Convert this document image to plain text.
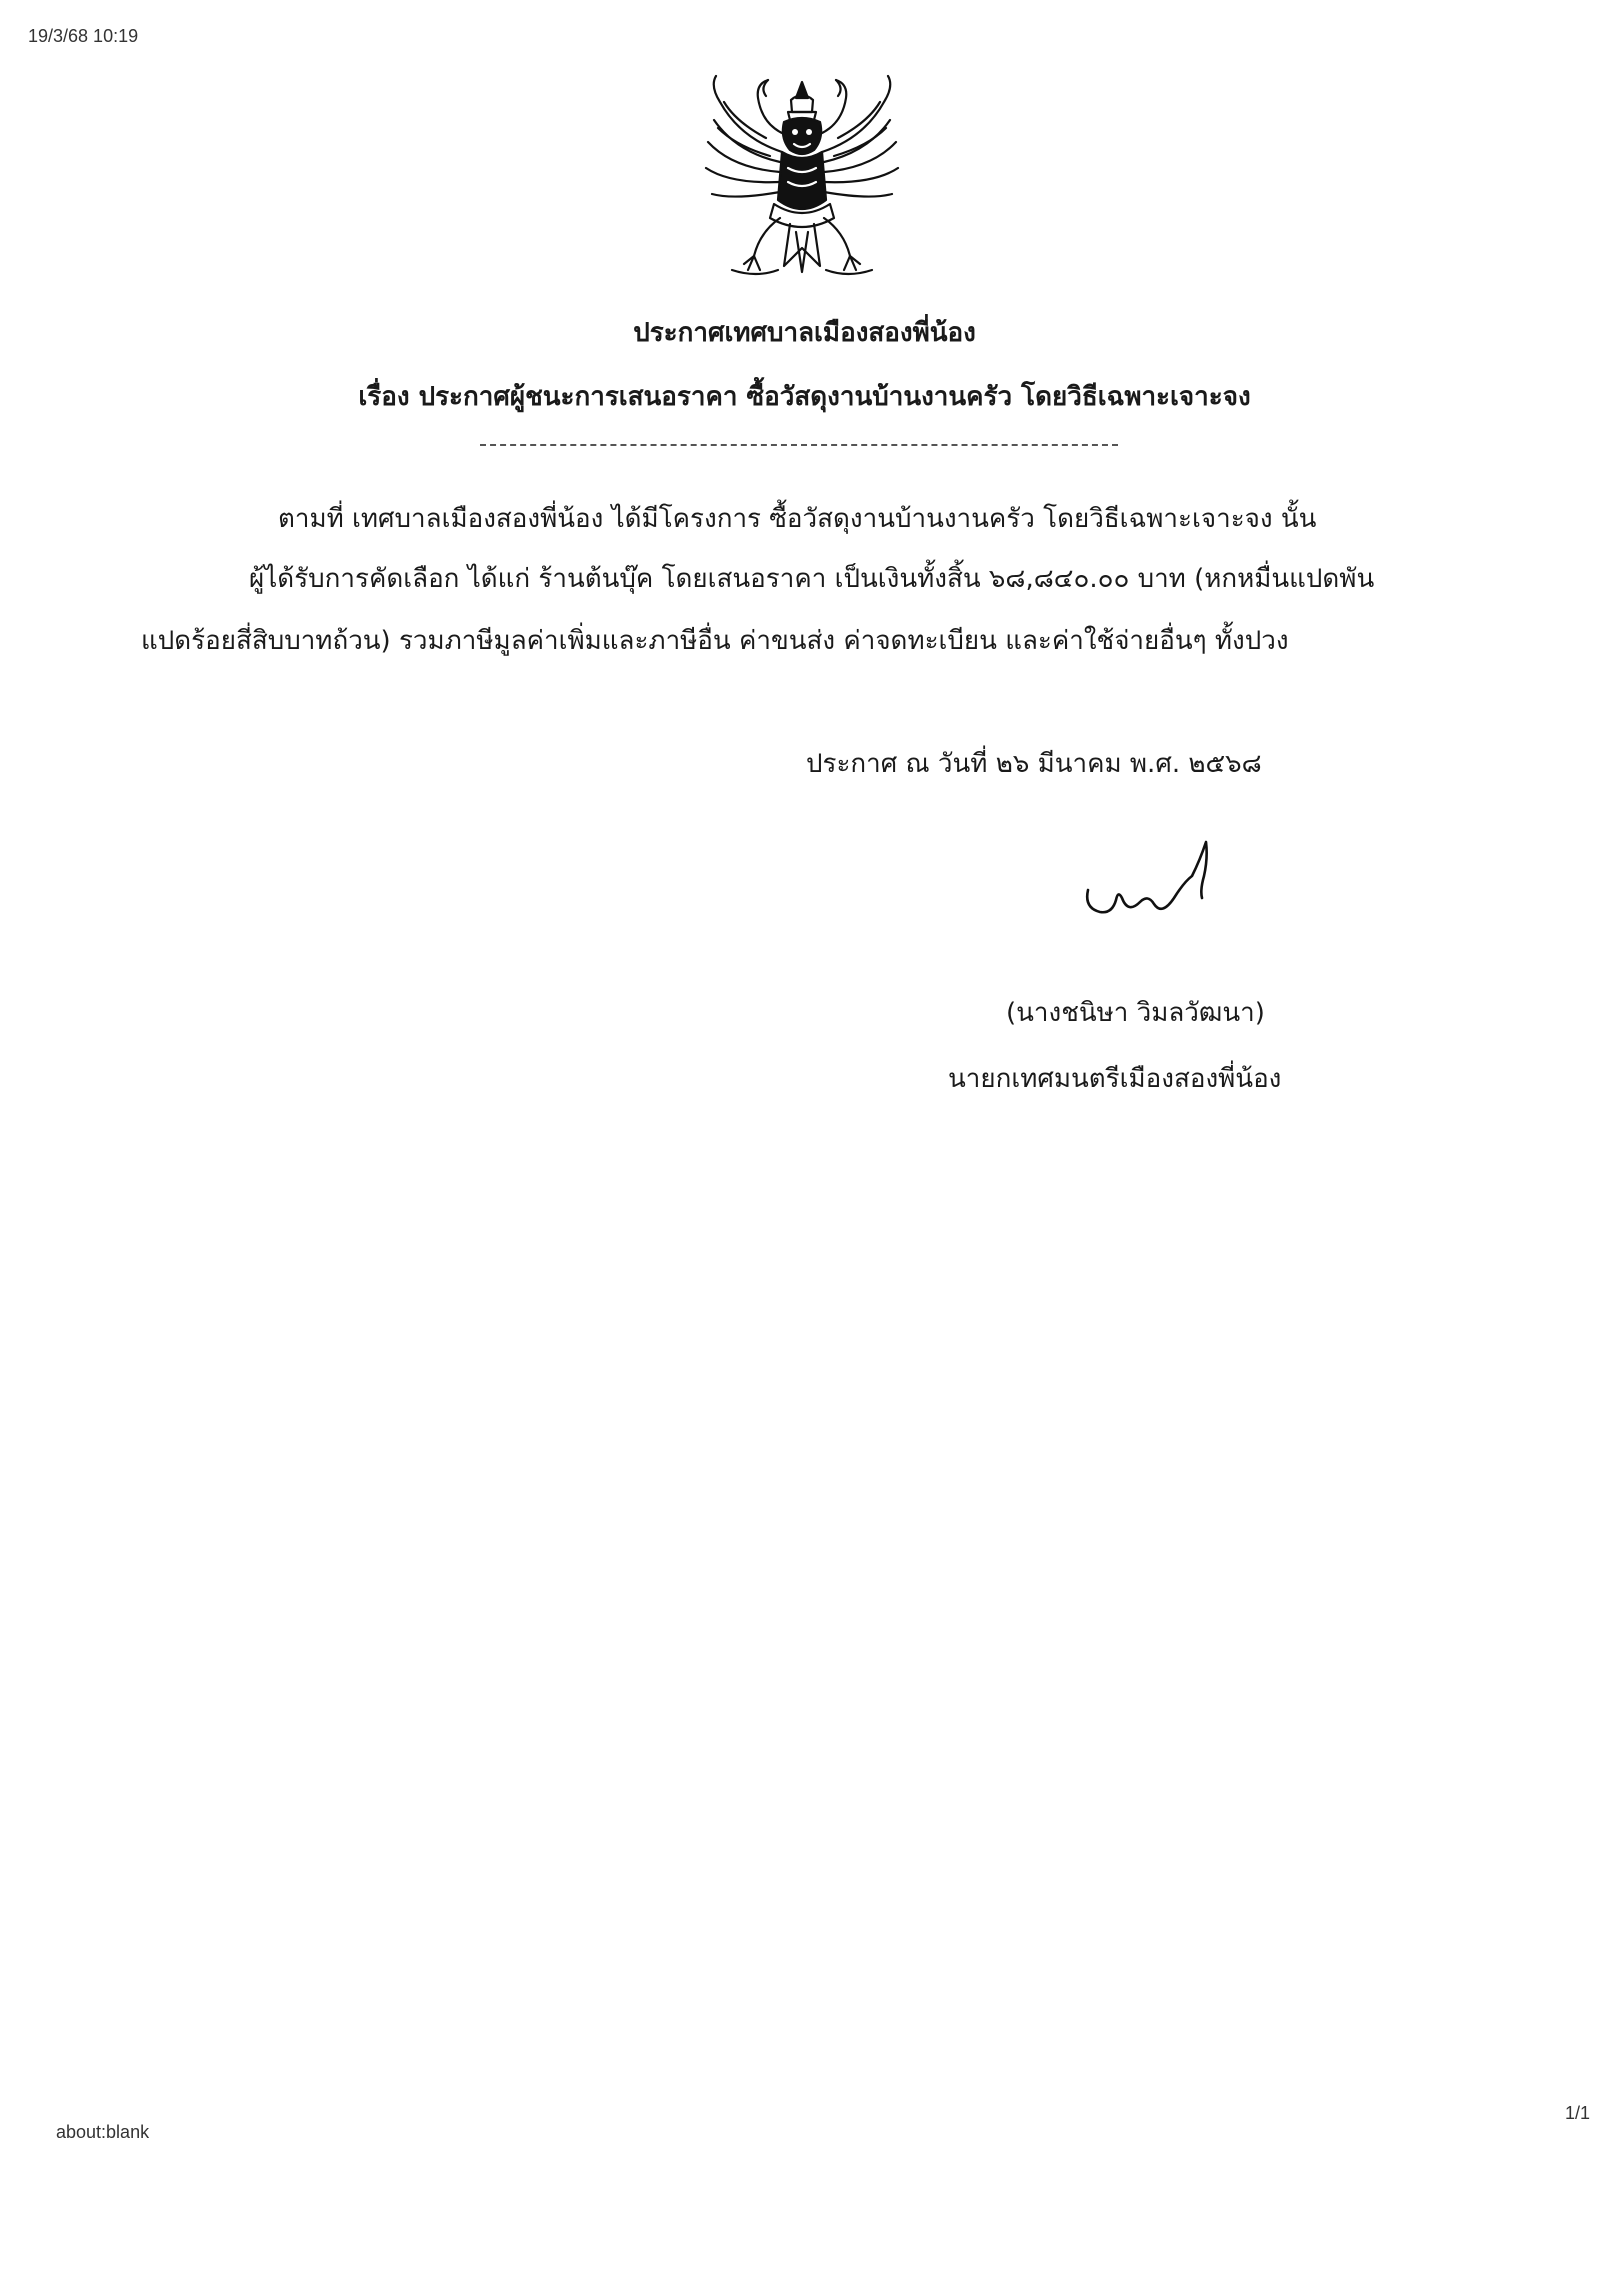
19/3/68 10:19
ประกาศเทศบาลเมืองสองพี่น้อง
เรื่อง ประกาศผู้ชนะการเสนอราคา ซื้อวัสดุงานบ้านงานครัว โดยวิธีเฉพาะเจาะจง
ตามที่ เทศบาลเมืองสองพี่น้อง ได้มีโครงการ ซื้อวัสดุงานบ้านงานครัว โดยวิธีเฉพาะเจาะจง นั้น
ผู้ได้รับการคัดเลือก ได้แก่ ร้านต้นบุ๊ค โดยเสนอราคา เป็นเงินทั้งสิ้น ๖๘,๘๔๐.๐๐ บาท (หกหมื่นแปดพัน
แปดร้อยสี่สิบบาทถ้วน) รวมภาษีมูลค่าเพิ่มและภาษีอื่น ค่าขนส่ง ค่าจดทะเบียน และค่าใช้จ่ายอื่นๆ ทั้งปวง
ประกาศ ณ วันที่ ๒๖ มีนาคม พ.ศ. ๒๕๖๘
(นางชนิษา วิมลวัฒนา)
นายกเทศมนตรีเมืองสองพี่น้อง
1/1
about:blank
